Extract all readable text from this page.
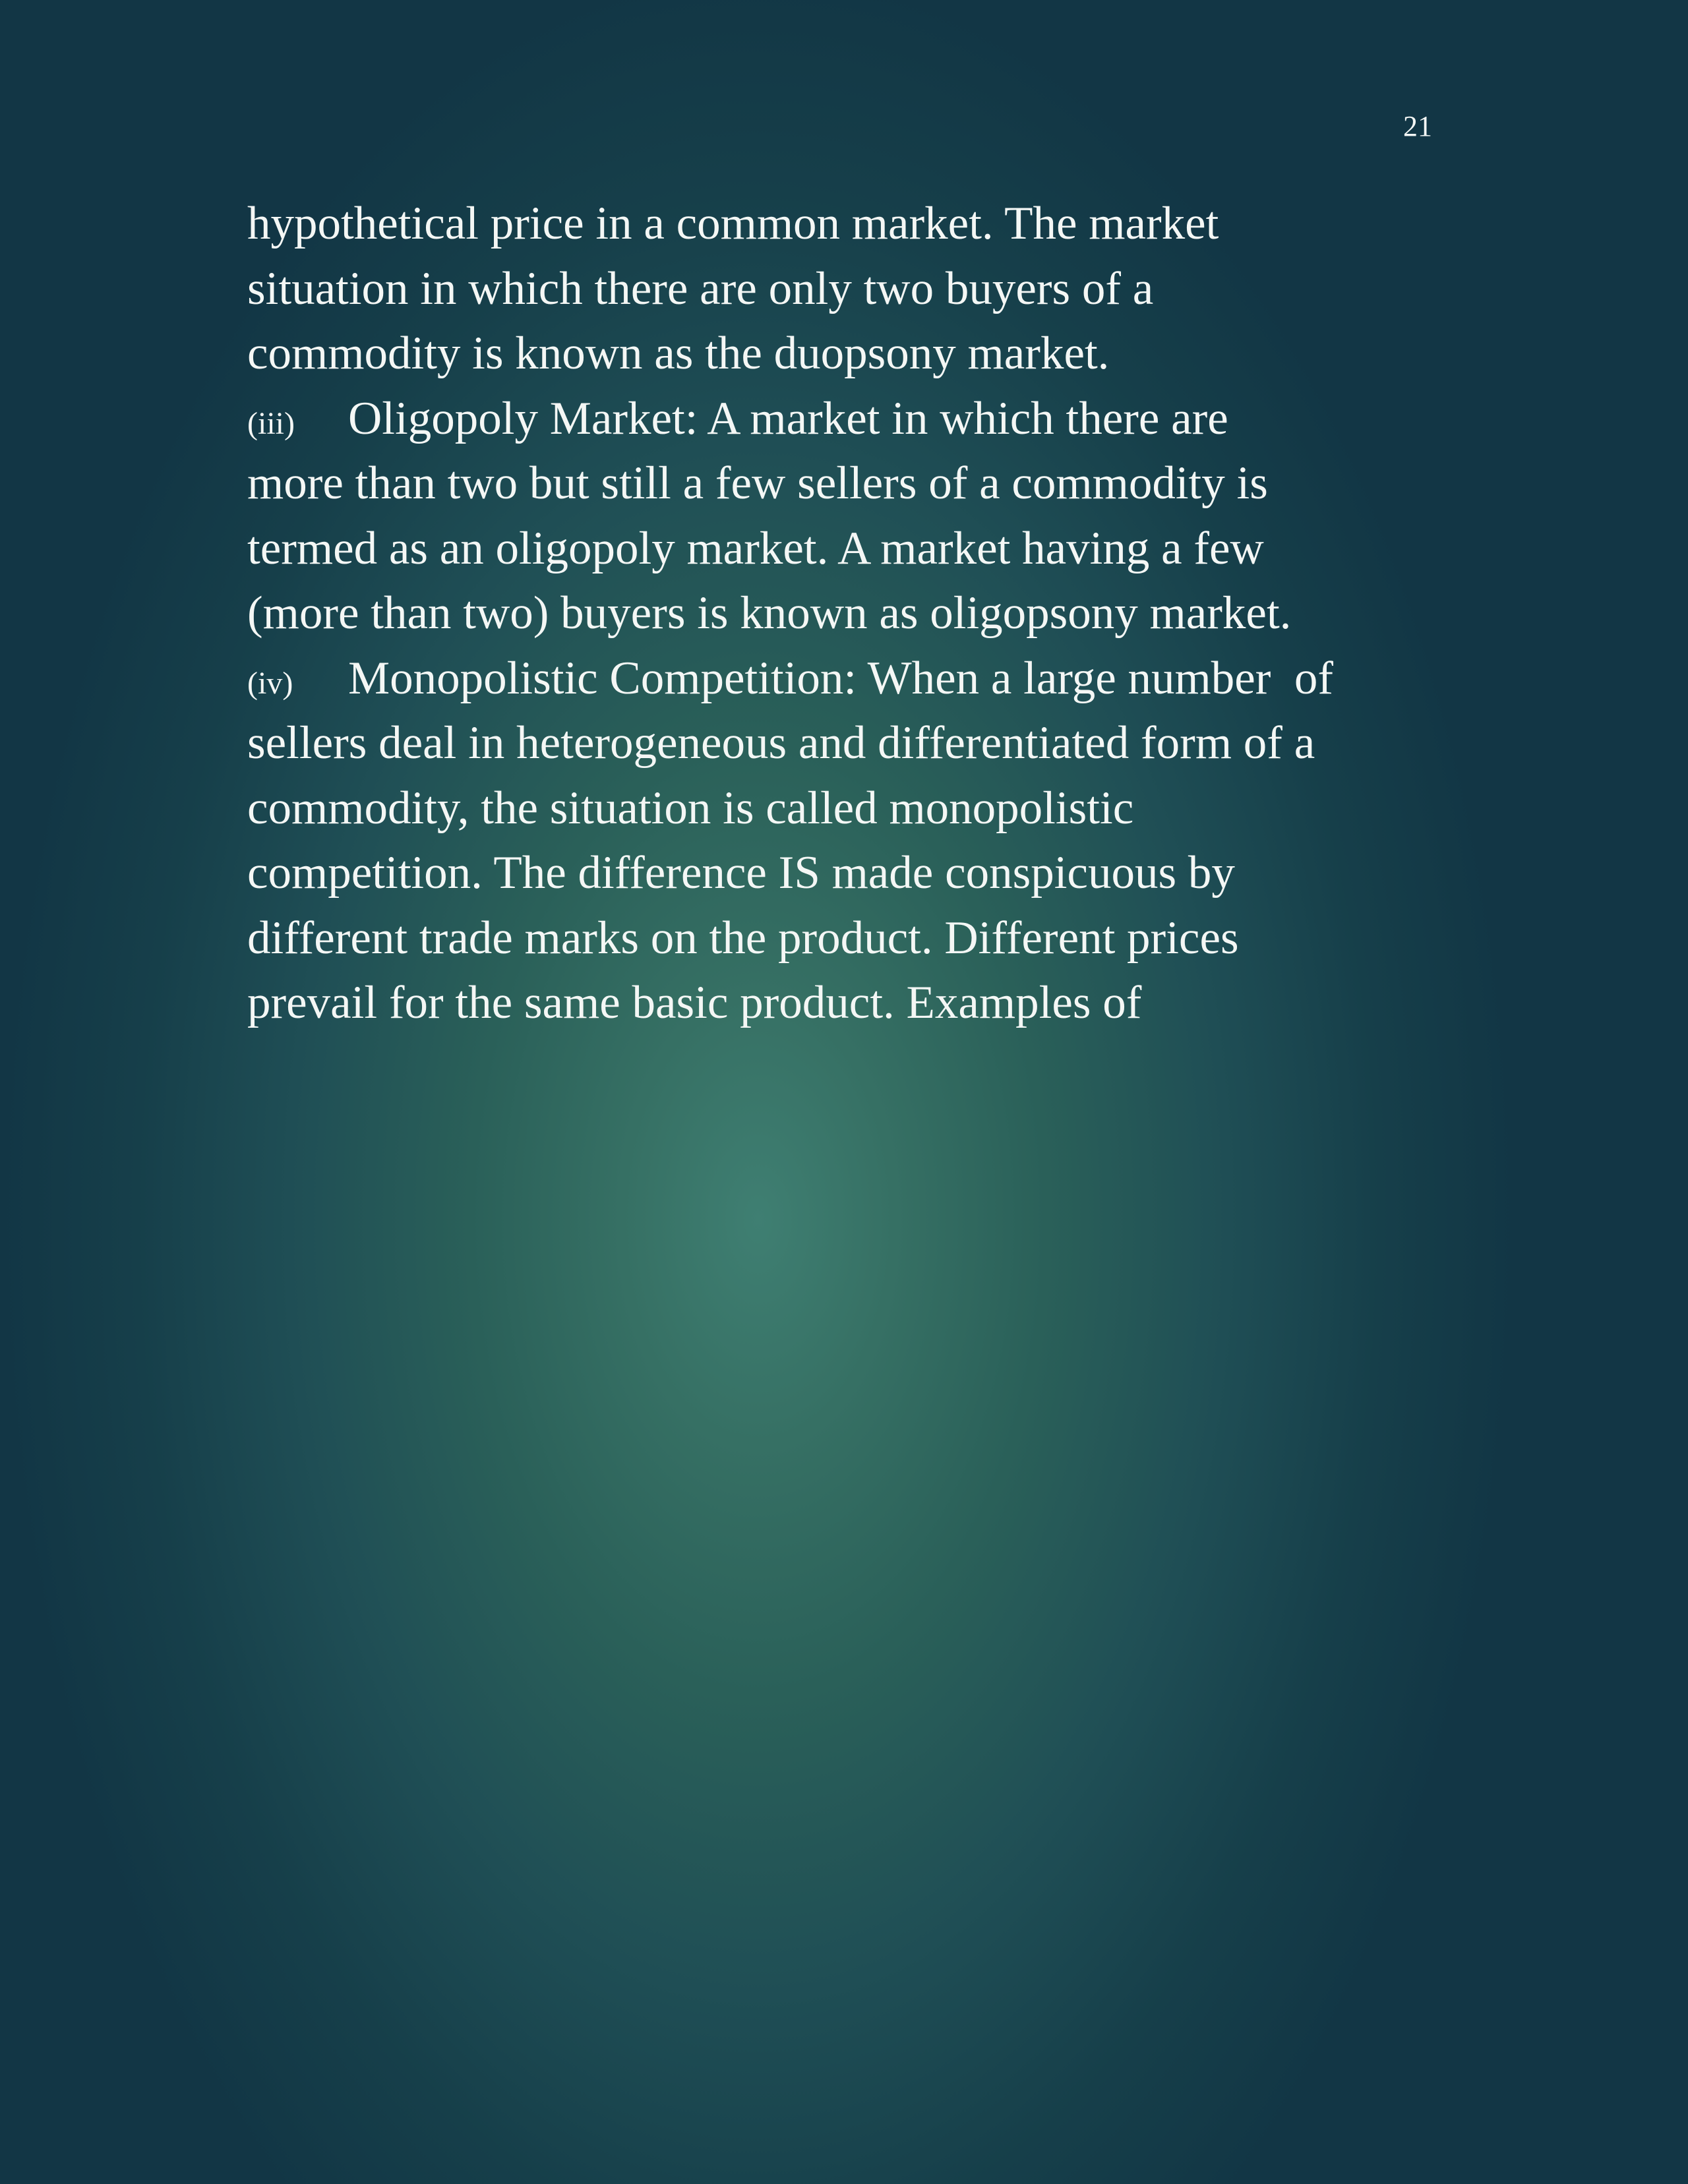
21
hypothetical price in a common market. The market
situation in which there are only two buyers of a
commodity is known as the duopsony market.
(iii) Oligopoly Market: A market in which there are
more than two but still a few sellers of a commodity is
termed as an oligopoly market. A market having a few
(more than two) buyers is known as oligopsony market.
(iv) Monopolistic Competition: When a large number  of
sellers deal in heterogeneous and differentiated form of a
commodity, the situation is called monopolistic
competition. The difference IS made conspicuous by
different trade marks on the product. Different prices
prevail for the same basic product. Examples of
